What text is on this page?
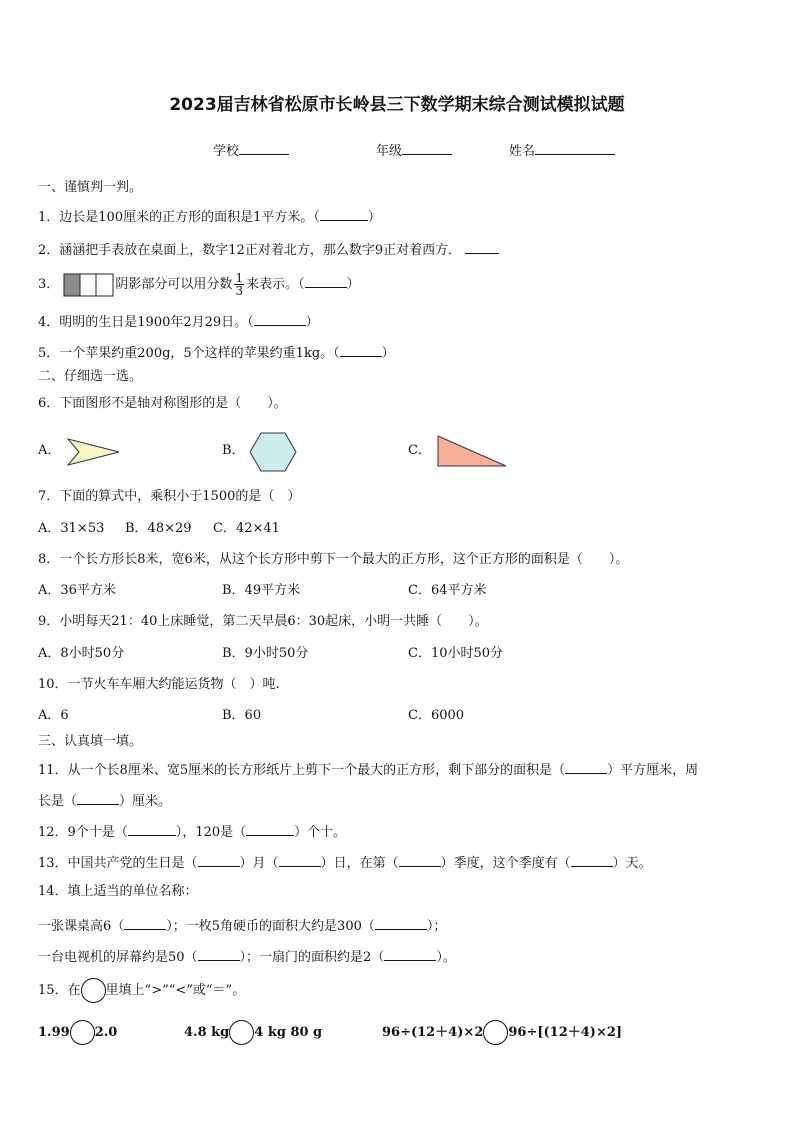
2023届吉林省松原市长岭县三下数学期末综合测试模拟试题
学校	年级	姓名
一、谨慎判一判。
1．边长是100厘米的正方形的面积是1平方米。（	）
2．涵涵把手表放在桌面上，数字12正对着北方，那么数字9正对着西方．
3．	阴影部分可以用分数 $\frac{1}{3}$ 来表示。（	）
4．明明的生日是1900年2月29日。（	）
5．一个苹果约重200g，5个这样的苹果约重1kg。（	）
二、仔细选一选。
6．下面图形不是轴对称图形的是（　　）。
A．	B．	C．
7．下面的算式中，乘积小于1500的是（　）
A．31×53 B．48×29 C．42×41
8．一个长方形长8米，宽6米，从这个长方形中剪下一个最大的正方形，这个正方形的面积是（　　）。
A．36平方米	B．49平方米	C．64平方米
9．小明每天21：40上床睡觉，第二天早晨6：30起床，小明一共睡（　　）。
A．8小时50分	B．9小时50分	C．10小时50分
10．一节火车车厢大约能运货物（　）吨.
A．6	B．60	C．6000
三、认真填一填。
11．从一个长8厘米、宽5厘米的长方形纸片上剪下一个最大的正方形，剩下部分的面积是（	）平方厘米，周
长是（	）厘米。
12．9个十是（	），120是（	）个十。
13．中国共产党的生日是（	）月（	）日，在第（	）季度，这个季度有（	）天。
14．填上适当的单位名称：
一张课桌高6（	）；一枚5角硬币的面积大约是300（	）；
一台电视机的屏幕约是50（	）；一扇门的面积约是2（	）。
15．在 里填上“>”“<”或“＝”。
1.99 2.0	4.8 kg 4 kg 80 g	96÷(12＋4)×2 96÷[(12＋4)×2]
